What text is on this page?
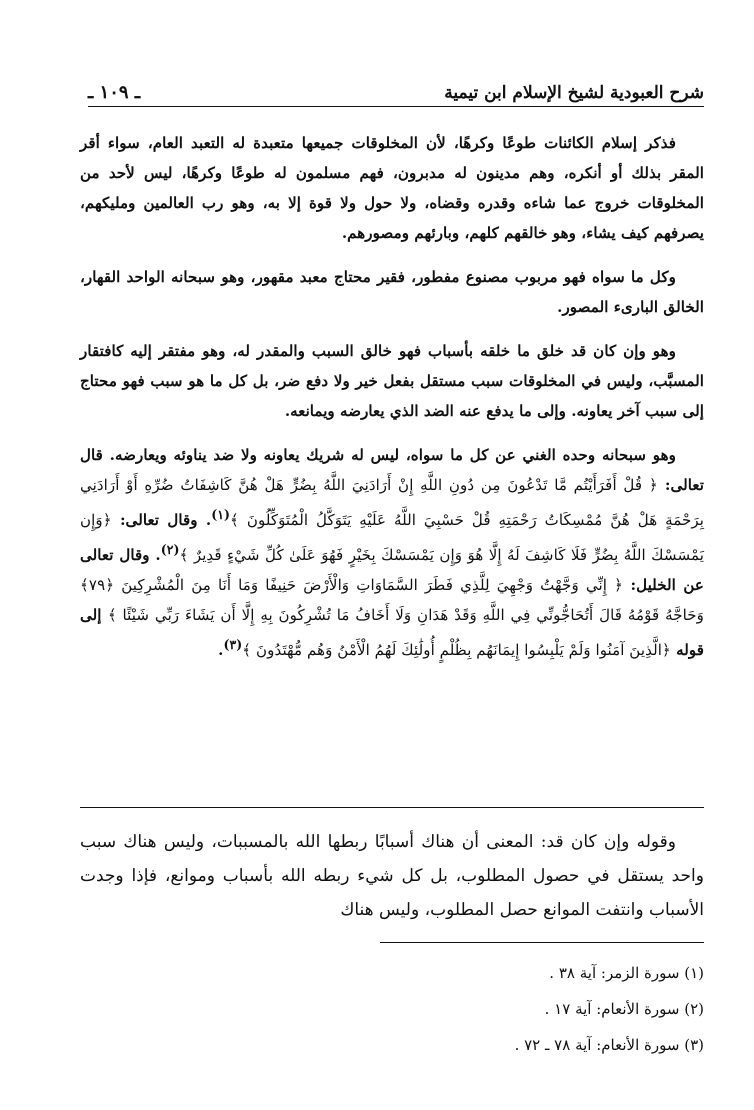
شرح العبودية لشيخ الإسلام ابن تيمية
ـ ١٠٩ ـ

فذكر إسلام الكائنات طوعًا وكرهًا، لأن المخلوقات جميعها متعبدة له التعبد العام، سواء أقر المقر بذلك أو أنكره، وهم مدينون له مدبرون، فهم مسلمون له طوعًا وكرهًا، ليس لأحد من المخلوقات خروج عما شاءه وقدره وقضاه، ولا حول ولا قوة إلا به، وهو رب العالمين ومليكهم، يصرفهم كيف يشاء، وهو خالقهم كلهم، وبارئهم ومصورهم.

وكل ما سواه فهو مربوب مصنوع مفطور، فقير محتاج معبد مقهور، وهو سبحانه الواحد القهار، الخالق البارىء المصور.

وهو وإن كان قد خلق ما خلقه بأسباب فهو خالق السبب والمقدر له، وهو مفتقر إليه كافتقار المسبَّب، وليس في المخلوقات سبب مستقل بفعل خير ولا دفع ضر، بل كل ما هو سبب فهو محتاج إلى سبب آخر يعاونه. وإلى ما يدفع عنه الضد الذي يعارضه ويمانعه.

وهو سبحانه وحده الغني عن كل ما سواه، ليس له شريك يعاونه ولا ضد يناوئه ويعارضه. قال تعالى: ﴿ قُلْ أَفَرَأَيْتُم مَّا تَدْعُونَ مِن دُونِ اللَّهِ إِنْ أَرَادَنِيَ اللَّهُ بِضُرٍّ هَلْ هُنَّ كَاشِفَاتُ ضُرِّهِ أَوْ أَرَادَنِي بِرَحْمَةٍ هَلْ هُنَّ مُمْسِكَاتُ رَحْمَتِهِ قُلْ حَسْبِيَ اللَّهُ عَلَيْهِ يَتَوَكَّلُ الْمُتَوَكِّلُونَ ﴾$^{(١)}$. وقال تعالى: ﴿وَإِن يَمْسَسْكَ اللَّهُ بِضُرٍّ فَلَا كَاشِفَ لَهُ إِلَّا هُوَ وَإِن يَمْسَسْكَ بِخَيْرٍ فَهُوَ عَلَىٰ كُلِّ شَيْءٍ قَدِيرٌ ﴾$^{(٢)}$. وقال تعالى عن الخليل: ﴿ إِنِّي وَجَّهْتُ وَجْهِيَ لِلَّذِي فَطَرَ السَّمَاوَاتِ وَالْأَرْضَ حَنِيفًا وَمَا أَنَا مِنَ الْمُشْرِكِينَ ﴿٧٩﴾ وَحَاجَّهُ قَوْمُهُ قَالَ أَتُحَاجُّونِّي فِي اللَّهِ وَقَدْ هَدَانِ وَلَا أَخَافُ مَا تُشْرِكُونَ بِهِ إِلَّا أَن يَشَاءَ رَبِّي شَيْئًا ﴾ إلى قوله ﴿الَّذِينَ آمَنُوا وَلَمْ يَلْبِسُوا إِيمَانَهُم بِظُلْمٍ أُولَٰئِكَ لَهُمُ الْأَمْنُ وَهُم مُّهْتَدُونَ ﴾$^{(٣)}$.

وقوله وإن كان قد: المعنى أن هناك أسبابًا ربطها الله بالمسببات، وليس هناك سبب واحد يستقل في حصول المطلوب، بل كل شيء ربطه الله بأسباب وموانع، فإذا وجدت الأسباب وانتفت الموانع حصل المطلوب، وليس هناك

(١) سورة الزمر: آية ٣٨ .
(٢) سورة الأنعام: آية ١٧ .
(٣) سورة الأنعام: آية ٧٨ ـ ٧٢ .
